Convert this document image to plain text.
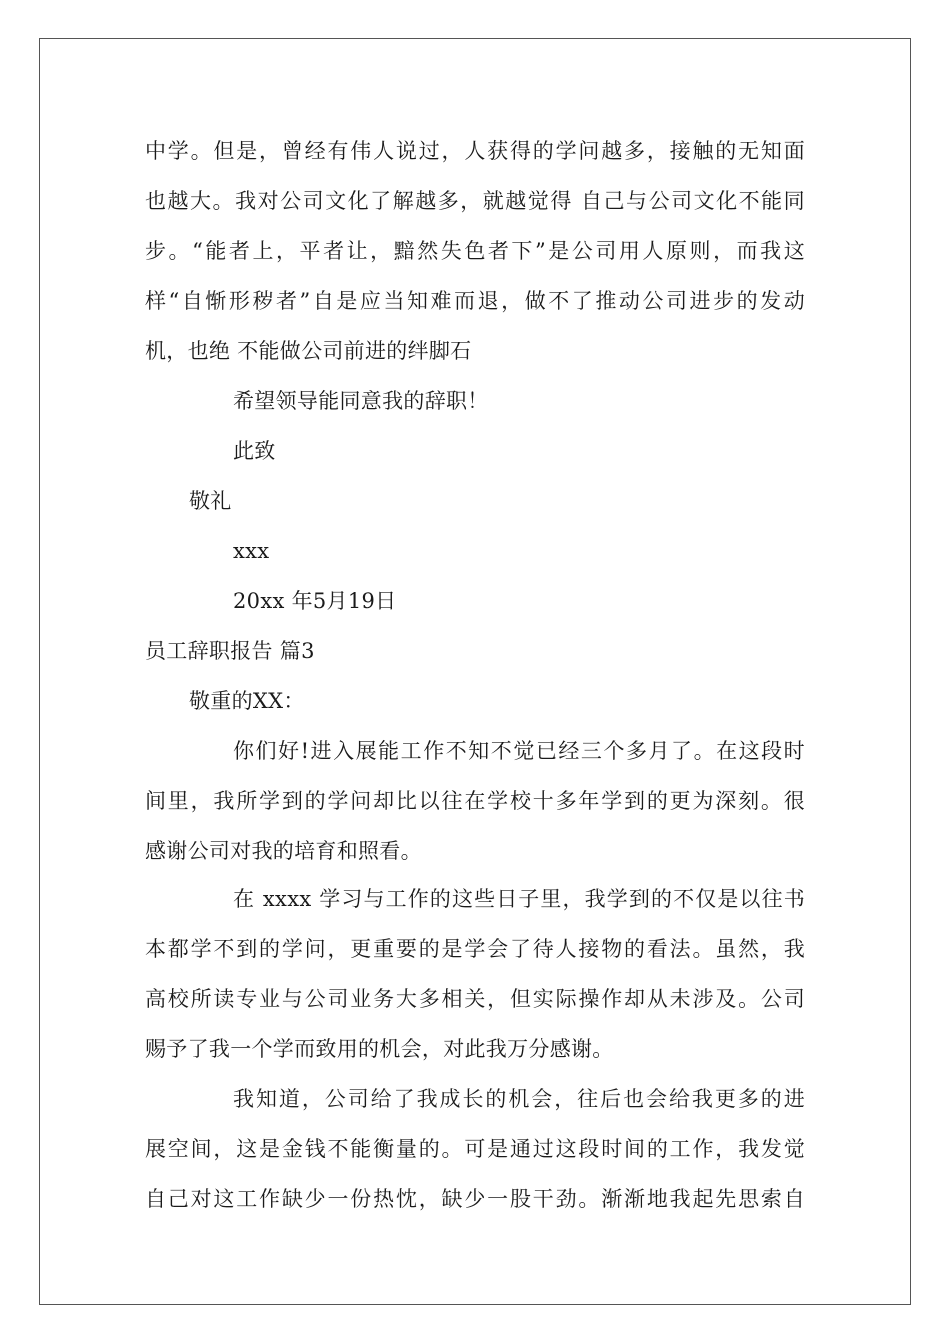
中学。但是，曾经有伟人说过，人获得的学问越多，接触的无知面
也越大。我对公司文化了解越多，就越觉得 自己与公司文化不能同
步。“能者上，平者让，黯然失色者下”是公司用人原则，而我这
样“自惭形秽者”自是应当知难而退，做不了推动公司进步的发动
机，也绝 不能做公司前进的绊脚石
希望领导能同意我的辞职！
此致
敬礼
xxx
20xx 年5月19日
员工辞职报告 篇3
敬重的XX：
你们好!进入展能工作不知不觉已经三个多月了。在这段时
间里，我所学到的学问却比以往在学校十多年学到的更为深刻。很
感谢公司对我的培育和照看。
在 xxxx 学习与工作的这些日子里，我学到的不仅是以往书
本都学不到的学问，更重要的是学会了待人接物的看法。虽然，我
高校所读专业与公司业务大多相关，但实际操作却从未涉及。公司
赐予了我一个学而致用的机会，对此我万分感谢。
我知道，公司给了我成长的机会，往后也会给我更多的进
展空间，这是金钱不能衡量的。可是通过这段时间的工作，我发觉
自己对这工作缺少一份热忱，缺少一股干劲。渐渐地我起先思索自
